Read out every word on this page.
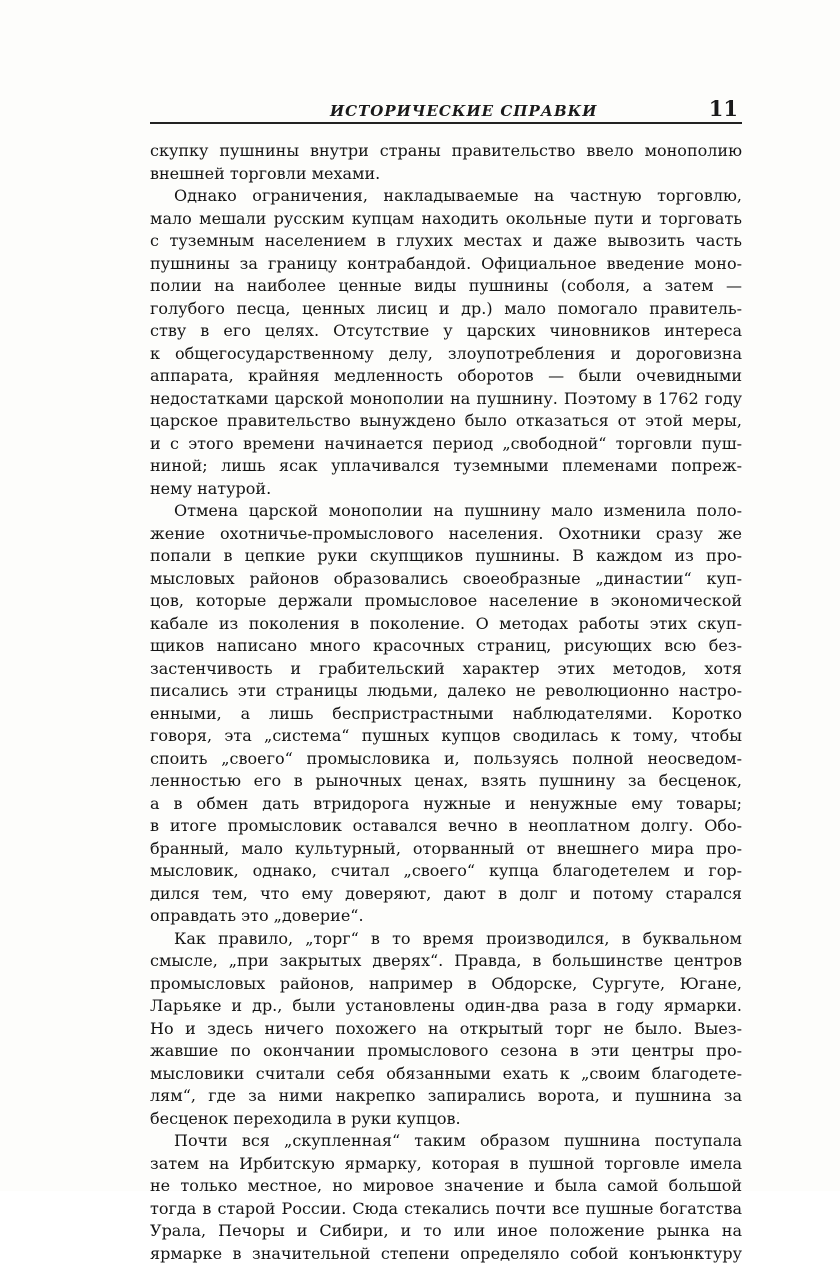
ИСТОРИЧЕСКИЕ СПРАВКИ	11
скупку пушнины внутри страны правительство ввело монополию
внешней торговли мехами.
Однако ограничения, накладываемые на частную торговлю,
мало мешали русским купцам находить окольные пути и торговать
с туземным населением в глухих местах и даже вывозить часть
пушнины за границу контрабандой. Официальное введение моно-
полии на наиболее ценные виды пушнины (соболя, а затем —
голубого песца, ценных лисиц и др.) мало помогало правитель-
ству в его целях. Отсутствие у царских чиновников интереса
к общегосударственному делу, злоупотребления и дороговизна
аппарата, крайняя медленность оборотов — были очевидными
недостатками царской монополии на пушнину. Поэтому в 1762 году
царское правительство вынуждено было отказаться от этой меры,
и с этого времени начинается период „свободной“ торговли пуш-
ниной; лишь ясак уплачивался туземными племенами попреж-
нему натурой.
Отмена царской монополии на пушнину мало изменила поло-
жение охотничье-промыслового населения. Охотники сразу же
попали в цепкие руки скупщиков пушнины. В каждом из про-
мысловых районов образовались своеобразные „династии“ куп-
цов, которые держали промысловое население в экономической
кабале из поколения в поколение. О методах работы этих скуп-
щиков написано много красочных страниц, рисующих всю без-
застенчивость и грабительский характер этих методов, хотя
писались эти страницы людьми, далеко не революционно настро-
енными, а лишь беспристрастными наблюдателями. Коротко
говоря, эта „система“ пушных купцов сводилась к тому, чтобы
споить „своего“ промысловика и, пользуясь полной неосведом-
ленностью его в рыночных ценах, взять пушнину за бесценок,
а в обмен дать втридорога нужные и ненужные ему товары;
в итоге промысловик оставался вечно в неоплатном долгу. Обо-
бранный, мало культурный, оторванный от внешнего мира про-
мысловик, однако, считал „своего“ купца благодетелем и гор-
дился тем, что ему доверяют, дают в долг и потому старался
оправдать это „доверие“.
Как правило, „торг“ в то время производился, в буквальном
смысле, „при закрытых дверях“. Правда, в большинстве центров
промысловых районов, например в Обдорске, Сургуте, Югане,
Ларьяке и др., были установлены один-два раза в году ярмарки.
Но и здесь ничего похожего на открытый торг не было. Выез-
жавшие по окончании промыслового сезона в эти центры про-
мысловики считали себя обязанными ехать к „своим благодете-
лям“, где за ними накрепко запирались ворота, и пушнина за
бесценок переходила в руки купцов.
Почти вся „скупленная“ таким образом пушнина поступала
затем на Ирбитскую ярмарку, которая в пушной торговле имела
не только местное, но мировое значение и была самой большой
тогда в старой России. Сюда стекались почти все пушные богатства
Урала, Печоры и Сибири, и то или иное положение рынка на
ярмарке в значительной степени определяло собой конъюнктуру
